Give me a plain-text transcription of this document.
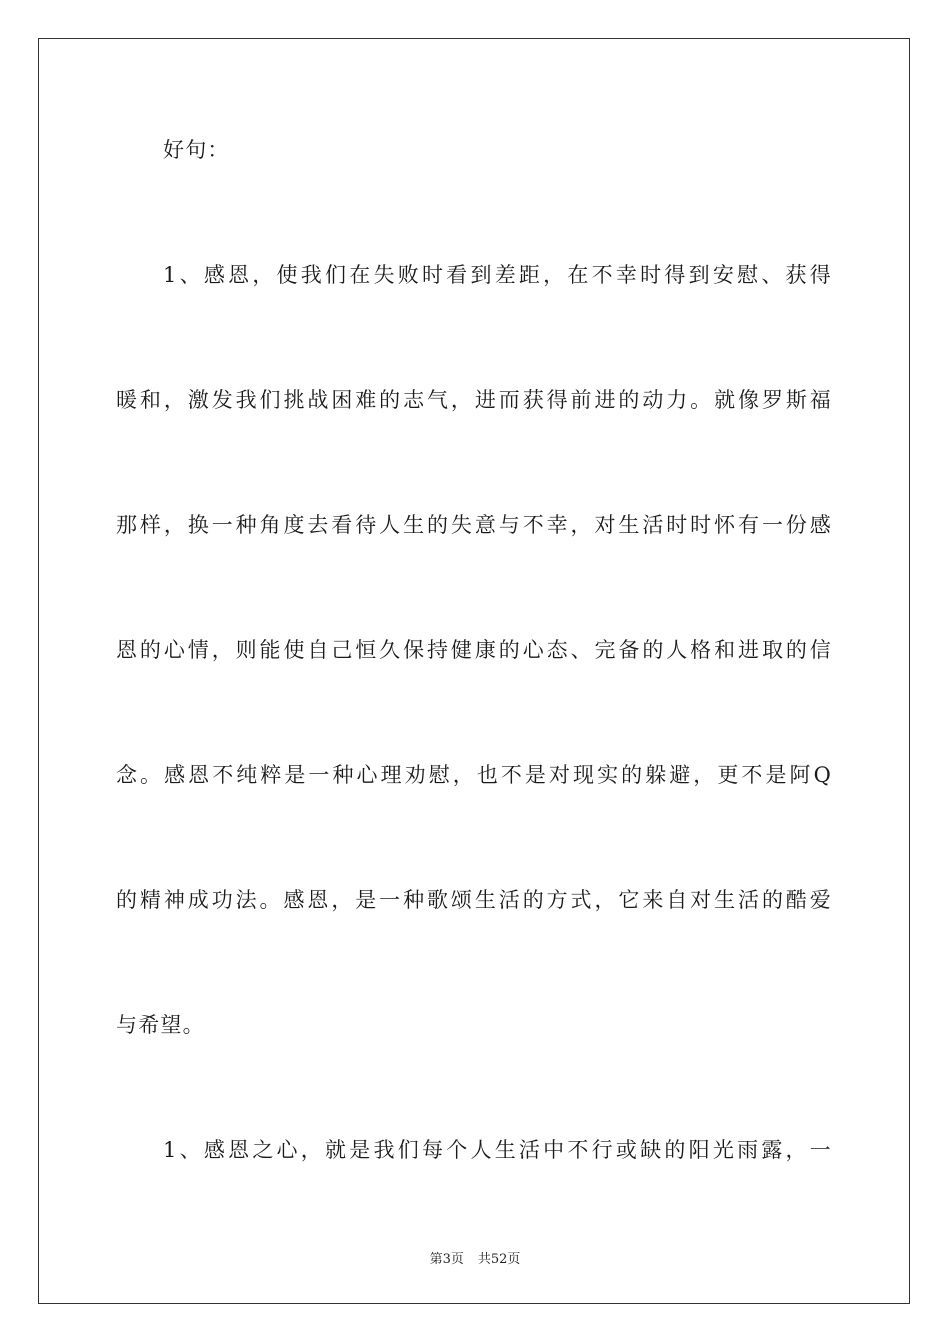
好句：
1、感恩，使我们在失败时看到差距，在不幸时得到安慰、获得
暖和，激发我们挑战困难的志气，进而获得前进的动力。就像罗斯福
那样，换一种角度去看待人生的失意与不幸，对生活时时怀有一份感
恩的心情，则能使自己恒久保持健康的心态、完备的人格和进取的信
念。感恩不纯粹是一种心理劝慰，也不是对现实的躲避，更不是阿Q
的精神成功法。感恩，是一种歌颂生活的方式，它来自对生活的酷爱
与希望。
1、感恩之心，就是我们每个人生活中不行或缺的阳光雨露，一
第3页 共52页
